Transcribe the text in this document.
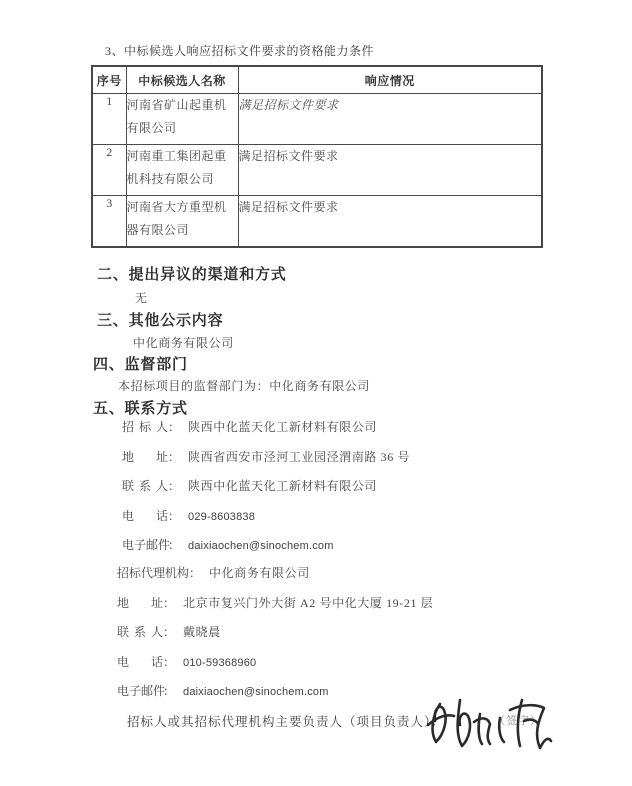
3、中标候选人响应招标文件要求的资格能力条件
序号	中标候选人名称	响应情况
1	河南省矿山起重机有限公司	满足招标文件要求
2	河南重工集团起重机科技有限公司	满足招标文件要求
3	河南省大方重型机器有限公司	满足招标文件要求
二、提出异议的渠道和方式
无
三、其他公示内容
中化商务有限公司
四、监督部门
本招标项目的监督部门为：中化商务有限公司
五、联系方式
招标人： 陕西中化蓝天化工新材料有限公司
地址： 陕西省西安市泾河工业园泾渭南路 36 号
联系人： 陕西中化蓝天化工新材料有限公司
电话： 029-8603838
电子邮件： daixiaochen@sinochem.com
招标代理机构： 中化商务有限公司
地址： 北京市复兴门外大街 A2 号中化大厦 19-21 层
联系人： 戴晓晨
电话： 010-59368960
电子邮件： daixiaochen@sinochem.com
招标人或其招标代理机构主要负责人（项目负责人）：	（签字）
